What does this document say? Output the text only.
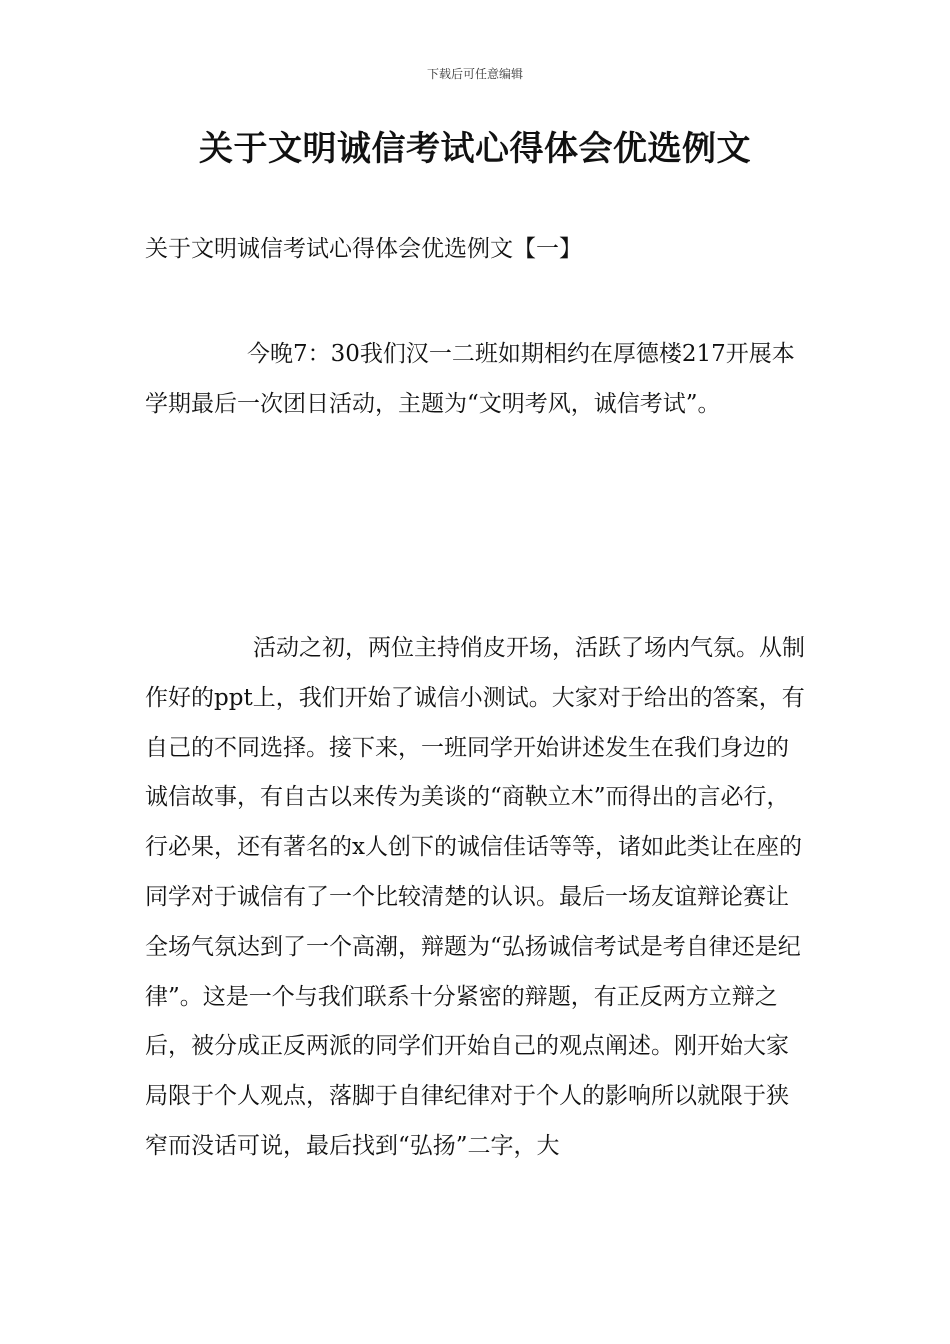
下载后可任意编辑
关于文明诚信考试心得体会优选例文
关于文明诚信考试心得体会优选例文【一】

今晚7：30我们汉一二班如期相约在厚德楼217开展本学期最后一次团日活动，主题为“文明考风，诚信考试”。

活动之初，两位主持俏皮开场，活跃了场内气氛。从制作好的ppt上，我们开始了诚信小测试。大家对于给出的答案，有自己的不同选择。接下来，一班同学开始讲述发生在我们身边的诚信故事，有自古以来传为美谈的“商鞅立木”而得出的言必行，行必果，还有著名的x人创下的诚信佳话等等，诸如此类让在座的同学对于诚信有了一个比较清楚的认识。最后一场友谊辩论赛让全场气氛达到了一个高潮，辩题为“弘扬诚信考试是考自律还是纪律”。这是一个与我们联系十分紧密的辩题，有正反两方立辩之后，被分成正反两派的同学们开始自己的观点阐述。刚开始大家局限于个人观点，落脚于自律纪律对于个人的影响所以就限于狭窄而没话可说，最后找到“弘扬”二字，大
